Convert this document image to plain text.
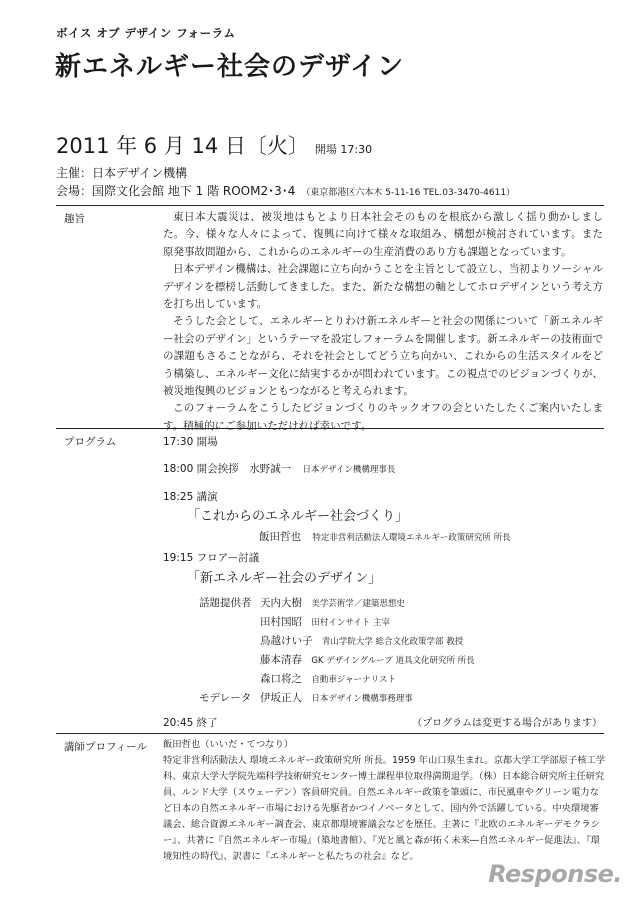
ボイス オブ デザイン フォーラム
新エネルギー社会のデザイン
2011 年 6 月 14 日〔火〕 開場 17:30
主催：日本デザイン機構
会場：国際文化会館 地下 1 階 ROOM2･3･4 （東京都港区六本木 5-11-16 TEL.03-3470-4611）
趣旨	東日本大震災は、被災地はもとより日本社会そのものを根底から激しく揺り動かしました。今、様々な人々によって、復興に向けて様々な取組み、構想が検討されています。また原発事故問題から、これからのエネルギーの生産消費のあり方も課題となっています。

日本デザイン機構は、社会課題に立ち向かうことを主旨として設立し、当初よりソーシャルデザインを標榜し活動してきました。また、新たな構想の軸としてホロデザインという考え方を打ち出しています。

そうした会として、エネルギーとりわけ新エネルギーと社会の関係について「新エネルギー社会のデザイン」というテーマを設定しフォーラムを開催します。新エネルギーの技術面での課題もさることながら、それを社会としてどう立ち向かい、これからの生活スタイルをどう構築し、エネルギー文化に結実するかが問われています。この視点でのビジョンづくりが、被災地復興のビジョンともつながると考えられます。

このフォーラムをこうしたビジョンづくりのキックオフの会といたしたくご案内いたします。積極的にご参加いただければ幸いです。

プログラム	17:30 開場
18:00 開会挨拶　水野誠一 日本デザイン機構理事長
18:25 講演
「これからのエネルギー社会づくり」
飯田哲也 特定非営利活動法人環境エネルギー政策研究所 所長
19:15 フロアー討議
「新エネルギー社会のデザイン」
話題提供者 天内大樹 美学芸術学／建築思想史
田村国昭 田村インサイト 主宰
鳥越けい子 青山学院大学 総合文化政策学部 教授
藤本清春 GK デザイングループ 道具文化研究所 所長
森口将之 自動車ジャーナリスト
モデレータ 伊坂正人 日本デザイン機構事務理事
20:45 終了	（プログラムは変更する場合があります）
講師プロフィール 飯田哲也（いいだ・てつなり）
特定非営利活動法人 環境エネルギー政策研究所 所長。1959 年山口県生まれ。京都大学工学部原子核工学科、東京大学大学院先端科学技術研究センター博士課程単位取得満期退学。（株）日本総合研究所主任研究員、ルンド大学（スウェーデン）客員研究員。自然エネルギー政策を筆頭に、市民風車やグリーン電力など日本の自然エネルギー市場における先駆者かつイノベータとして、国内外で活躍している。中央環境審議会、総合資源エネルギー調査会、東京都環境審議会などを歴任。主著に『北欧のエネルギーデモクラシー』、共著に『自然エネルギー市場』（築地書館）、『光と風と森が拓く未来―自然エネルギー促進法』、『環境知性の時代』、訳書に『エネルギーと私たちの社会』など。
Response.
